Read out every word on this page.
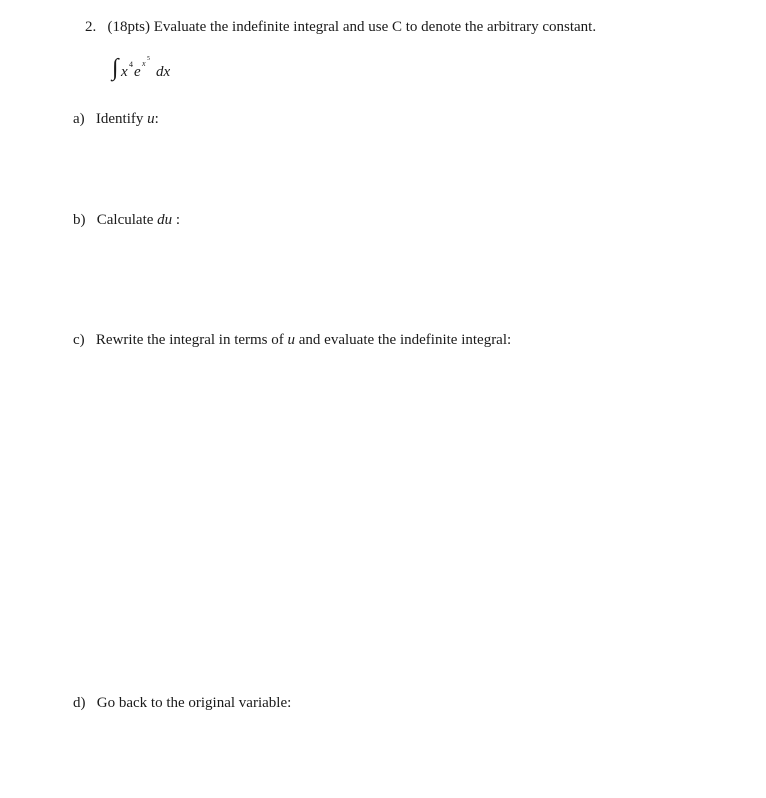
2. (18pts) Evaluate the indefinite integral and use C to denote the arbitrary constant.
∫ x 4 e
x 5
dx
a) Identify u:
b) Calculate du :
c) Rewrite the integral in terms of u and evaluate the indefinite integral:
d) Go back to the original variable:
